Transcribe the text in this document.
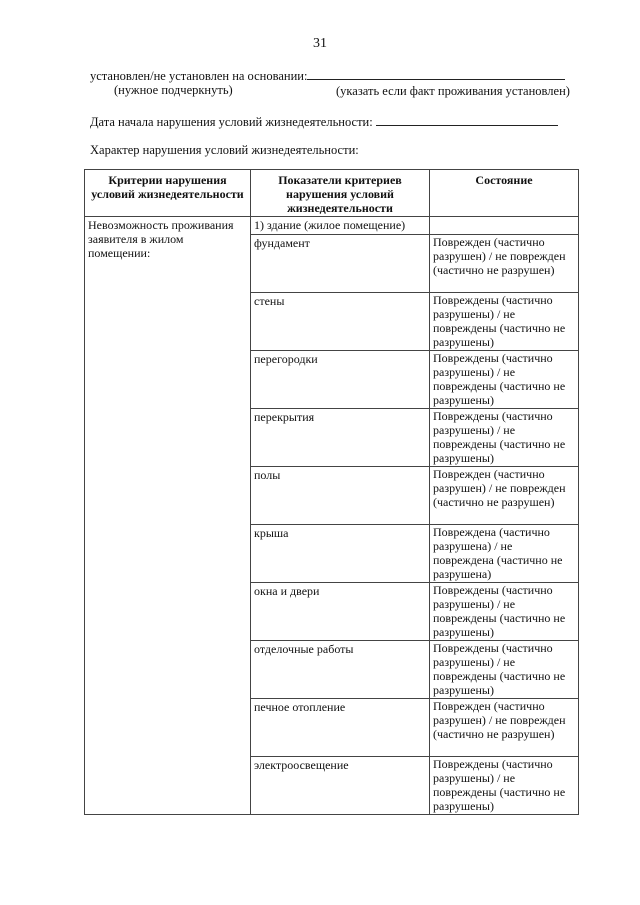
31
установлен/не установлен на основании:
(нужное подчеркнуть)	(указать если факт проживания установлен)
Дата начала нарушения условий жизнедеятельности:
Характер нарушения условий жизнедеятельности:
Критерии нарушения условий жизнедеятельности	Показатели критериев нарушения условий жизнедеятельности	Состояние
Невозможность проживания заявителя в жилом помещении:	1) здание (жилое помещение)	
	фундамент	Поврежден (частично разрушен) / не поврежден (частично не разрушен)
	стены	Повреждены (частично разрушены) / не повреждены (частично не разрушены)
	перегородки	Повреждены (частично разрушены) / не повреждены (частично не разрушены)
	перекрытия	Повреждены (частично разрушены) / не повреждены (частично не разрушены)
	полы	Поврежден (частично разрушен) / не поврежден (частично не разрушен)
	крыша	Повреждена (частично разрушена) / не повреждена (частично не разрушена)
	окна и двери	Повреждены (частично разрушены) / не повреждены (частично не разрушены)
	отделочные работы	Повреждены (частично разрушены) / не повреждены (частично не разрушены)
	печное отопление	Поврежден (частично разрушен) / не поврежден (частично не разрушен)
	электроосвещение	Повреждены (частично разрушены) / не повреждены (частично не разрушены)
